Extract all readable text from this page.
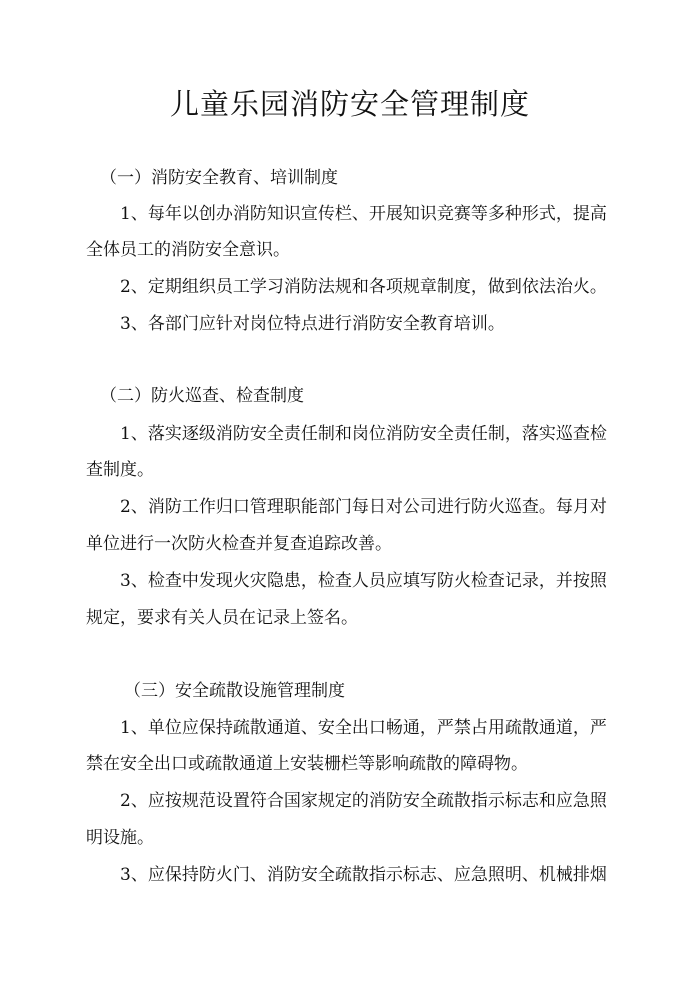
儿童乐园消防安全管理制度
（一）消防安全教育、培训制度
1、每年以创办消防知识宣传栏、开展知识竞赛等多种形式，提高
全体员工的消防安全意识。
2、定期组织员工学习消防法规和各项规章制度，做到依法治火。
3、各部门应针对岗位特点进行消防安全教育培训。
（二）防火巡查、检查制度
1、落实逐级消防安全责任制和岗位消防安全责任制，落实巡查检
查制度。
2、消防工作归口管理职能部门每日对公司进行防火巡查。每月对
单位进行一次防火检查并复查追踪改善。
3、检查中发现火灾隐患，检查人员应填写防火检查记录，并按照
规定，要求有关人员在记录上签名。
（三）安全疏散设施管理制度
1、单位应保持疏散通道、安全出口畅通，严禁占用疏散通道，严
禁在安全出口或疏散通道上安装栅栏等影响疏散的障碍物。
2、应按规范设置符合国家规定的消防安全疏散指示标志和应急照
明设施。
3、应保持防火门、消防安全疏散指示标志、应急照明、机械排烟
